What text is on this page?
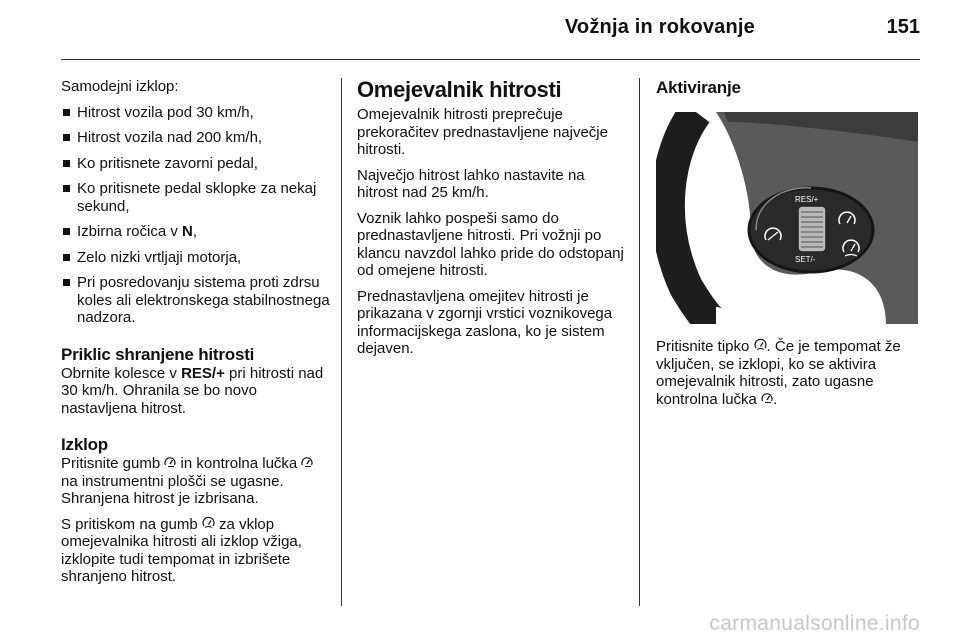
Vožnja in rokovanje	151

Samodejni izklop:

Hitrost vozila pod 30 km/h,
Hitrost vozila nad 200 km/h,
Ko pritisnete zavorni pedal,
Ko pritisnete pedal sklopke za nekaj sekund,
Izbirna ročica v N,
Zelo nizki vrtljaji motorja,
Pri posredovanju sistema proti zdrsu koles ali elektronskega stabilnostnega nadzora.
Priklic shranjene hitrosti

Obrnite kolesce v RES/+ pri hitrosti nad 30 km/h. Ohranila se bo novo nastavljena hitrost.

Izklop

Pritisnite gumb  in kontrolna lučka  na instrumentni plošči se ugasne. Shranjena hitrost je izbrisana.

S pritiskom na gumb  za vklop omejevalnika hitrosti ali izklop vžiga, izklopite tudi tempomat in izbrišete shranjeno hitrost.

Omejevalnik hitrosti

Omejevalnik hitrosti preprečuje prekoračitev prednastavljene največje hitrosti.

Največjo hitrost lahko nastavite na hitrost nad 25 km/h.

Voznik lahko pospeši samo do prednastavljene hitrosti. Pri vožnji po klancu navzdol lahko pride do odstopanj od omejene hitrosti.

Prednastavljena omejitev hitrosti je prikazana v zgornji vrstici voznikovega informacijskega zaslona, ko je sistem dejaven.

Aktiviranje
RES/+
SET/-

Pritisnite tipko . Če je tempomat že vključen, se izklopi, ko se aktivira omejevalnik hitrosti, zato ugasne kontrolna lučka .

carmanualsonline.info
